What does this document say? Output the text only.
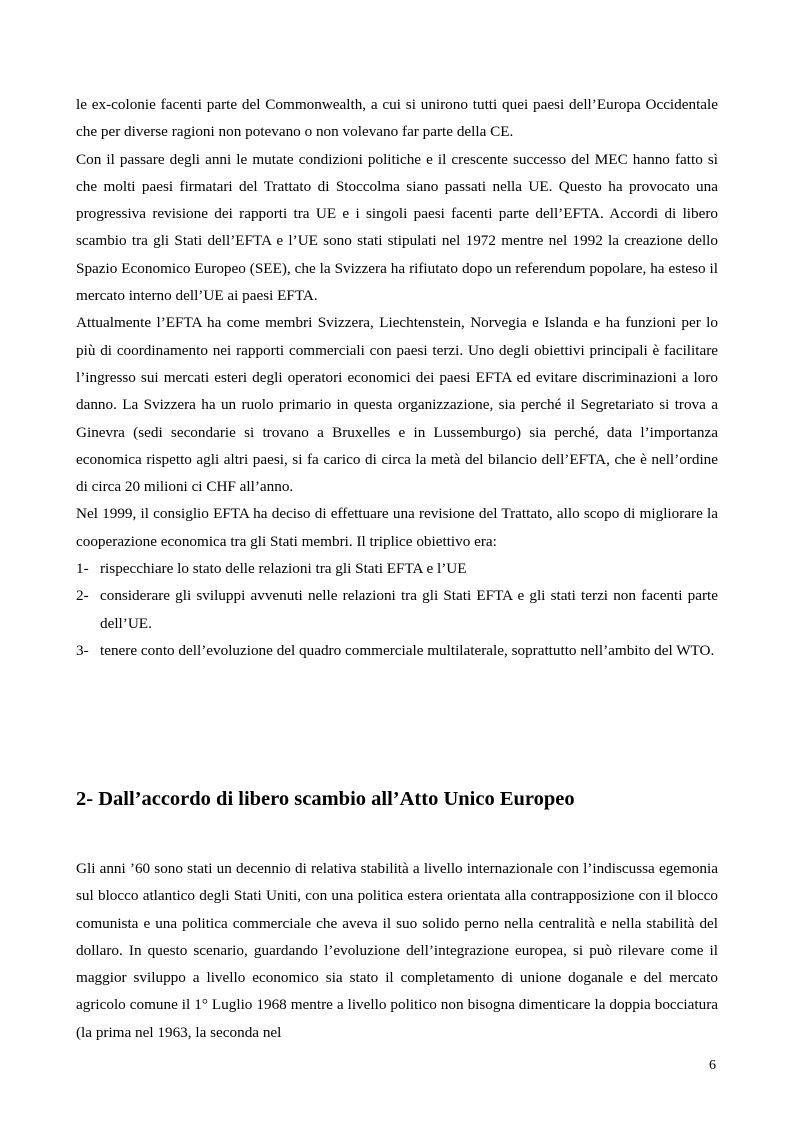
le ex-colonie facenti parte del Commonwealth, a cui si unirono tutti quei paesi dell’Europa Occidentale che per diverse ragioni non potevano o non volevano far parte della CE.

Con il passare degli anni le mutate condizioni politiche e il crescente successo del MEC hanno fatto sì che molti paesi firmatari del Trattato di Stoccolma siano passati nella UE. Questo ha provocato una progressiva revisione dei rapporti tra UE e i singoli paesi facenti parte dell’EFTA. Accordi di libero scambio tra gli Stati dell’EFTA e l’UE sono stati stipulati nel 1972 mentre nel 1992 la creazione dello Spazio Economico Europeo (SEE), che la Svizzera ha rifiutato dopo un referendum popolare, ha esteso il mercato interno dell’UE ai paesi EFTA.

Attualmente l’EFTA ha come membri Svizzera, Liechtenstein, Norvegia e Islanda e ha funzioni per lo più di coordinamento nei rapporti commerciali con paesi terzi. Uno degli obiettivi principali è facilitare l’ingresso sui mercati esteri degli operatori economici dei paesi EFTA ed evitare discriminazioni a loro danno. La Svizzera ha un ruolo primario in questa organizzazione, sia perché il Segretariato si trova a Ginevra (sedi secondarie si trovano a Bruxelles e in Lussemburgo) sia perché, data l’importanza economica rispetto agli altri paesi, si fa carico di circa la metà del bilancio dell’EFTA, che è nell’ordine di circa 20 milioni ci CHF all’anno.

Nel 1999, il consiglio EFTA ha deciso di effettuare una revisione del Trattato, allo scopo di migliorare la cooperazione economica tra gli Stati membri. Il triplice obiettivo era:

1- rispecchiare lo stato delle relazioni tra gli Stati EFTA e l’UE
2- considerare gli sviluppi avvenuti nelle relazioni tra gli Stati EFTA e gli stati terzi non facenti parte dell’UE.
3- tenere conto dell’evoluzione del quadro commerciale multilaterale, soprattutto nell’ambito del WTO.
2- Dall’accordo di libero scambio all’Atto Unico Europeo

Gli anni ’60 sono stati un decennio di relativa stabilità a livello internazionale con l’indiscussa egemonia sul blocco atlantico degli Stati Uniti, con una politica estera orientata alla contrapposizione con il blocco comunista e una politica commerciale che aveva il suo solido perno nella centralità e nella stabilità del dollaro. In questo scenario, guardando l’evoluzione dell’integrazione europea, si può rilevare come il maggior sviluppo a livello economico sia stato il completamento di unione doganale e del mercato agricolo comune il 1° Luglio 1968 mentre a livello politico non bisogna dimenticare la doppia bocciatura (la prima nel 1963, la seconda nel

6
